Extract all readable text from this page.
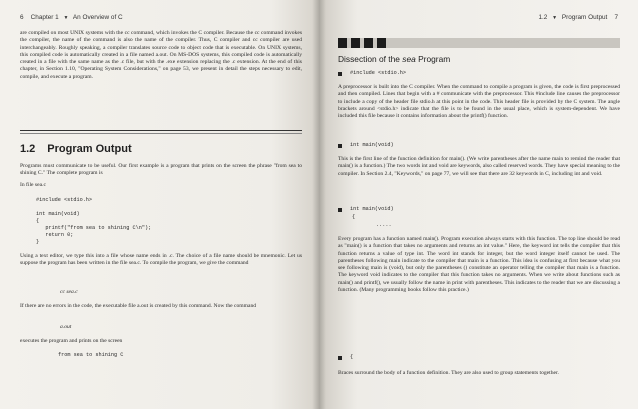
6 Chapter 1 ▼ An Overview of C

are compiled on most UNIX systems with the cc command, which invokes the C compiler. Because the cc command invokes the compiler, the name of the command is also the name of the compiler. Thus, C compiler and cc compiler are used interchangeably. Roughly speaking, a compiler translates source code to object code that is executable. On UNIX systems, this compiled code is automatically created in a file named a.out. On MS-DOS systems, this compiled code is automatically created in a file with the same name as the .c file, but with the .exe extension replacing the .c extension. At the end of this chapter, in Section 1.10, "Operating System Considerations," on page 53, we present in detail the steps necessary to edit, compile, and execute a program.

1.2 Program Output

Programs must communicate to be useful. Our first example is a program that prints on the screen the phrase "from sea to shining C." The complete program is

In file sea.c
#include <stdio.h>

int main(void)
{
printf("from sea to shining C\n");
return 0;
}

Using a text editor, we type this into a file whose name ends in .c. The choice of a file name should be mnemonic. Let us suppose the program has been written in the file sea.c. To compile the program, we give the command

cc sea.c

If there are no errors in the code, the executable file a.out is created by this command. Now the command

a.out

executes the program and prints on the screen

from sea to shining C
1.2 ▼ Program Output 7
Dissection of the sea Program
#include <stdio.h>

A preprocessor is built into the C compiler. When the command to compile a program is given, the code is first preprocessed and then compiled. Lines that begin with a # communicate with the preprocessor. This #include line causes the preprocessor to include a copy of the header file stdio.h at this point in the code. This header file is provided by the C system. The angle brackets around <stdio.h> indicate that the file is to be found in the usual place, which is system-dependent. We have included this file because it contains information about the printf() function.

int main(void)

This is the first line of the function definition for main(). (We write parentheses after the name main to remind the reader that main() is a function.) The two words int and void are keywords, also called reserved words. They have special meaning to the compiler. In Section 2.4, "Keywords," on page 77, we will see that there are 32 keywords in C, including int and void.

int main(void)
{
.....

Every program has a function named main(). Program execution always starts with this function. The top line should be read as "main() is a function that takes no arguments and returns an int value." Here, the keyword int tells the compiler that this function returns a value of type int. The word int stands for integer, but the word integer itself cannot be used. The parentheses following main indicate to the compiler that main is a function. This idea is confusing at first because what you see following main is (void), but only the parentheses () constitute an operator telling the compiler that main is a function. The keyword void indicates to the compiler that this function takes no arguments. When we write about functions such as main() and printf(), we usually follow the name in print with parentheses. This indicates to the reader that we are discussing a function. (Many programming books follow this practice.)

{

Braces surround the body of a function definition. They are also used to group statements together.
